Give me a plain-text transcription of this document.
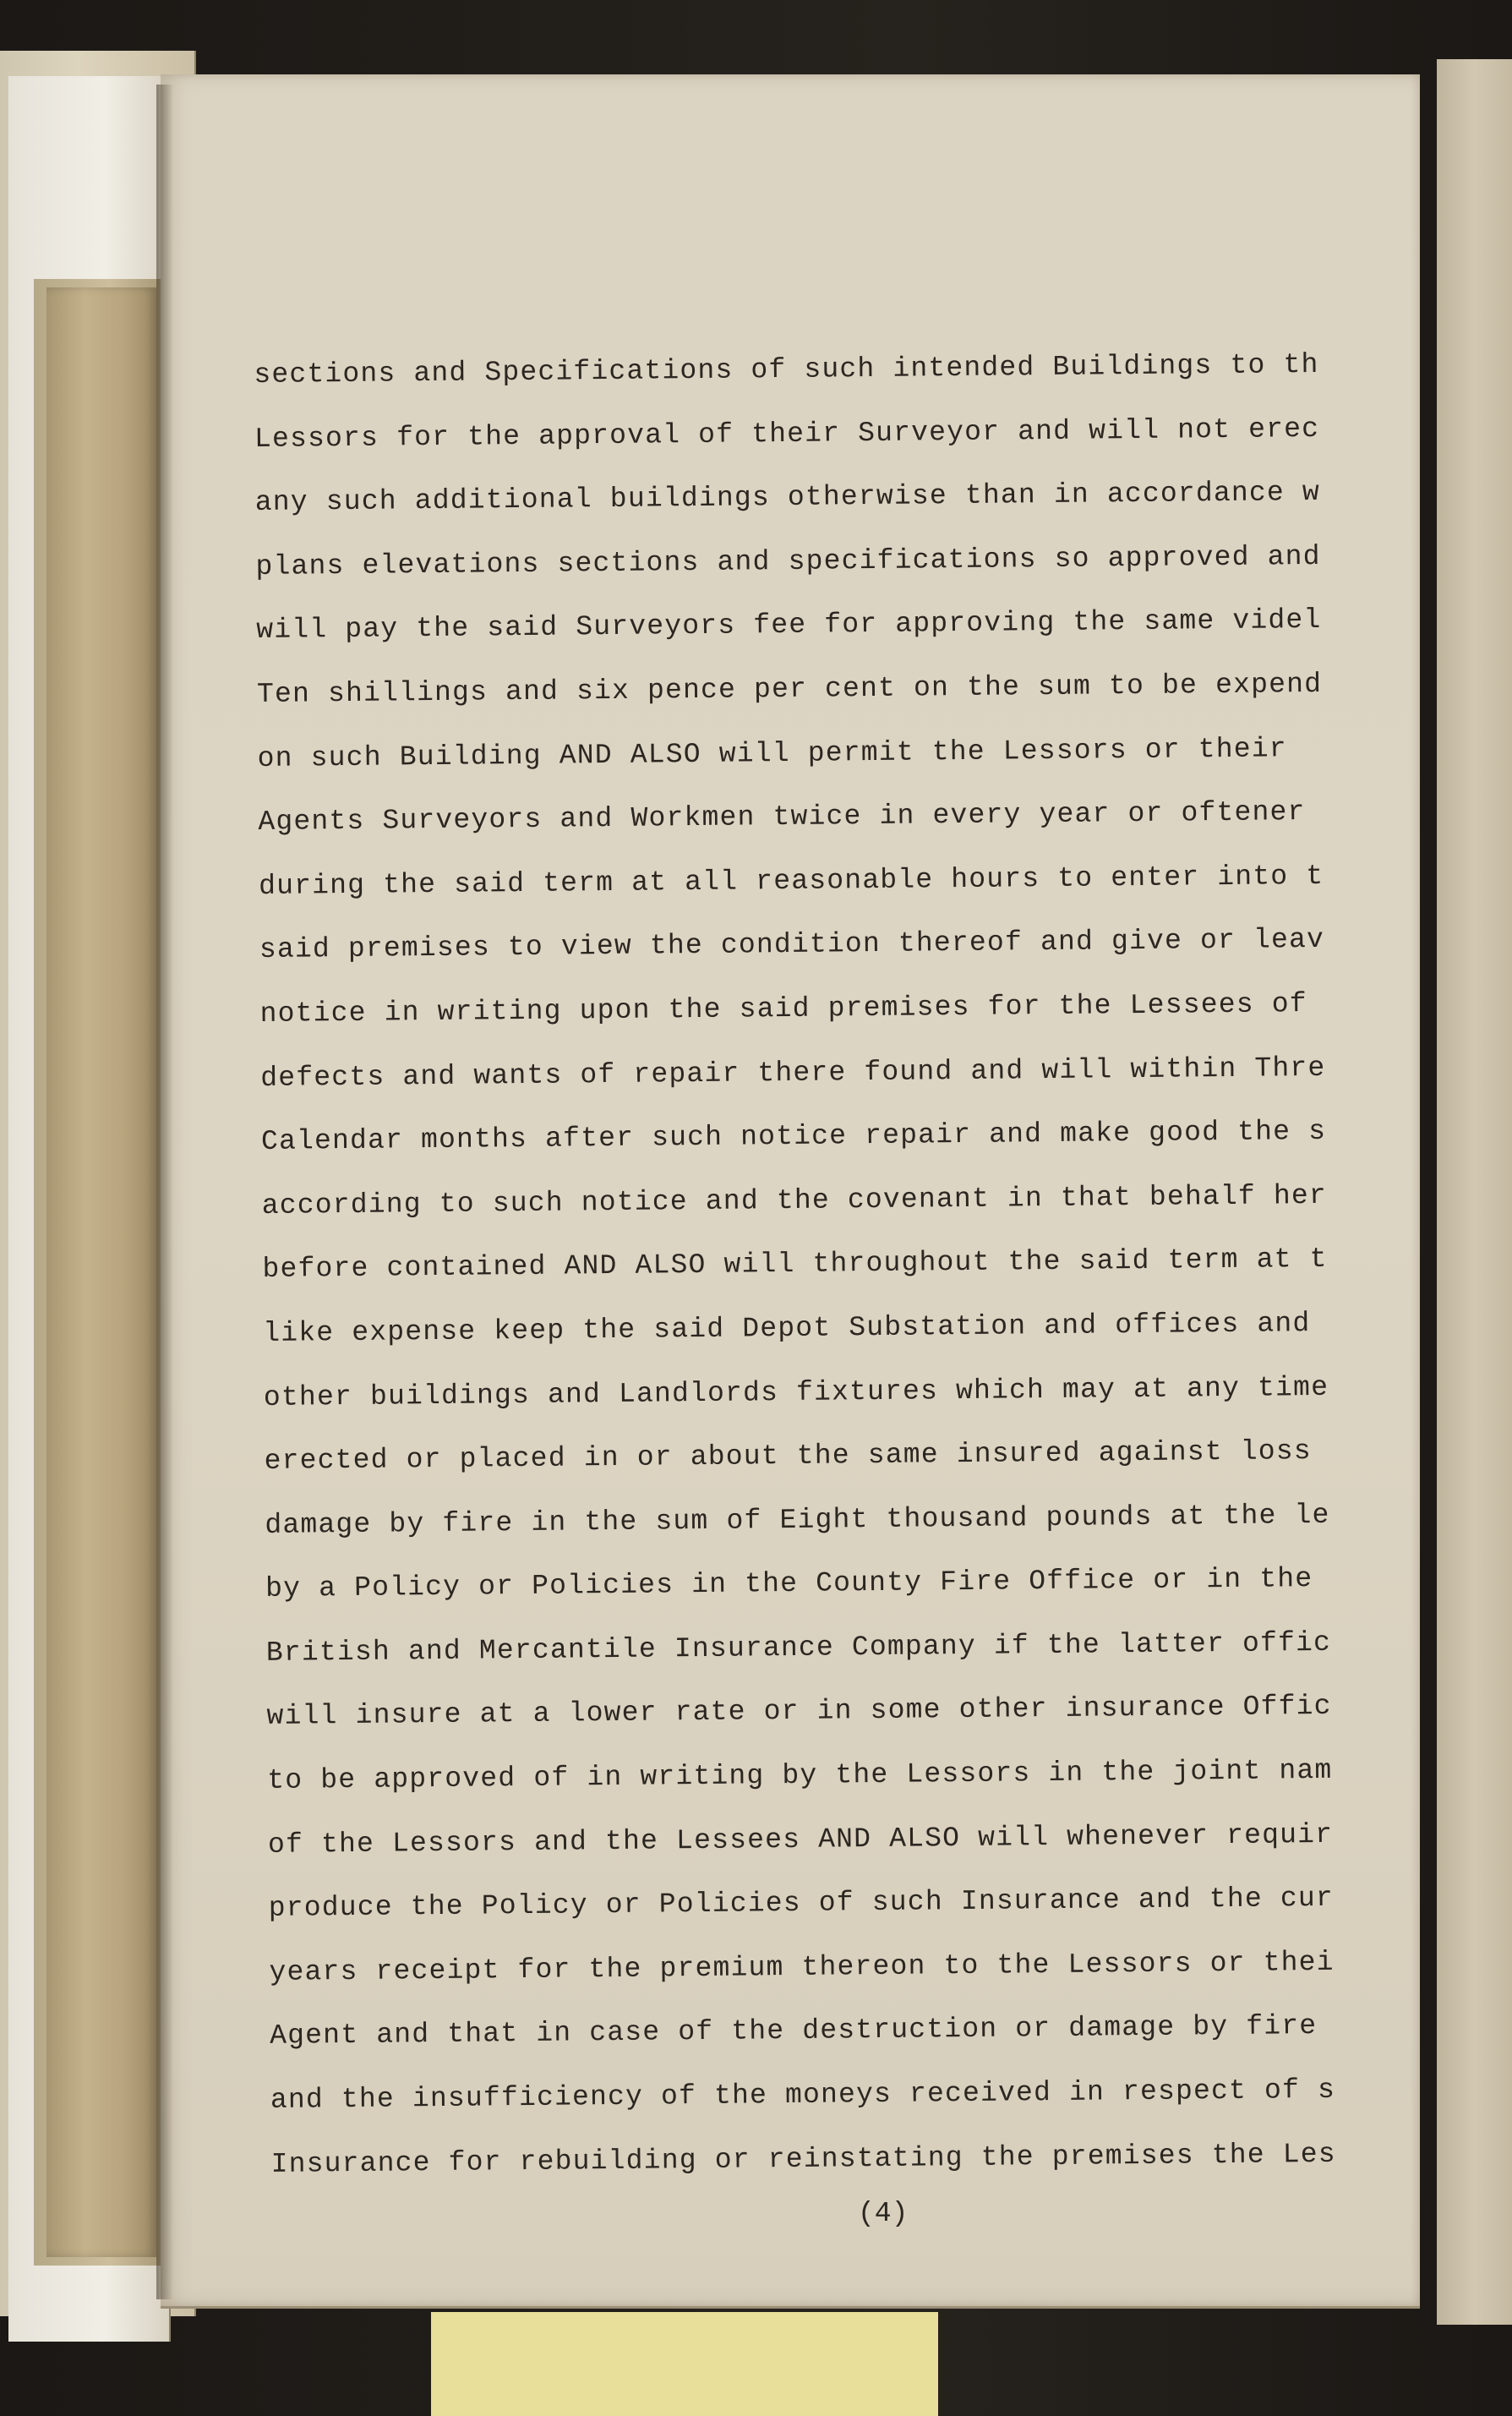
sections and Specifications of such intended Buildings to th
Lessors for the approval of their Surveyor and will not erec
any such additional buildings otherwise than in accordance w
plans elevations sections and specifications so approved and
will pay the said Surveyors fee for approving the same videl
Ten shillings and six pence per cent on the sum to be expend
on such Building AND ALSO will permit the Lessors or their
Agents Surveyors and Workmen twice in every year or oftener
during the said term at all reasonable hours to enter into t
said premises to view the condition thereof and give or leav
notice in writing upon the said premises for the Lessees of
defects and wants of repair there found and will within Thre
Calendar months after such notice repair and make good the s
according to such notice and the covenant in that behalf her
before contained AND ALSO will throughout the said term at t
like expense keep the said Depot Substation and offices and
other buildings and Landlords fixtures which may at any time
erected or placed in or about the same insured against loss
damage by fire in the sum of Eight thousand pounds at the le
by a Policy or Policies in the County Fire Office or in the
British and Mercantile Insurance Company if the latter offic
will insure at a lower rate or in some other insurance Offic
to be approved of in writing by the Lessors in the joint nam
of the Lessors and the Lessees AND ALSO will whenever requir
produce the Policy or Policies of such Insurance and the cur
years receipt for the premium thereon to the Lessors or thei
Agent and that in case of the destruction or damage by fire
and the insufficiency of the moneys received in respect of s
Insurance for rebuilding or reinstating the premises the Les
(4)
